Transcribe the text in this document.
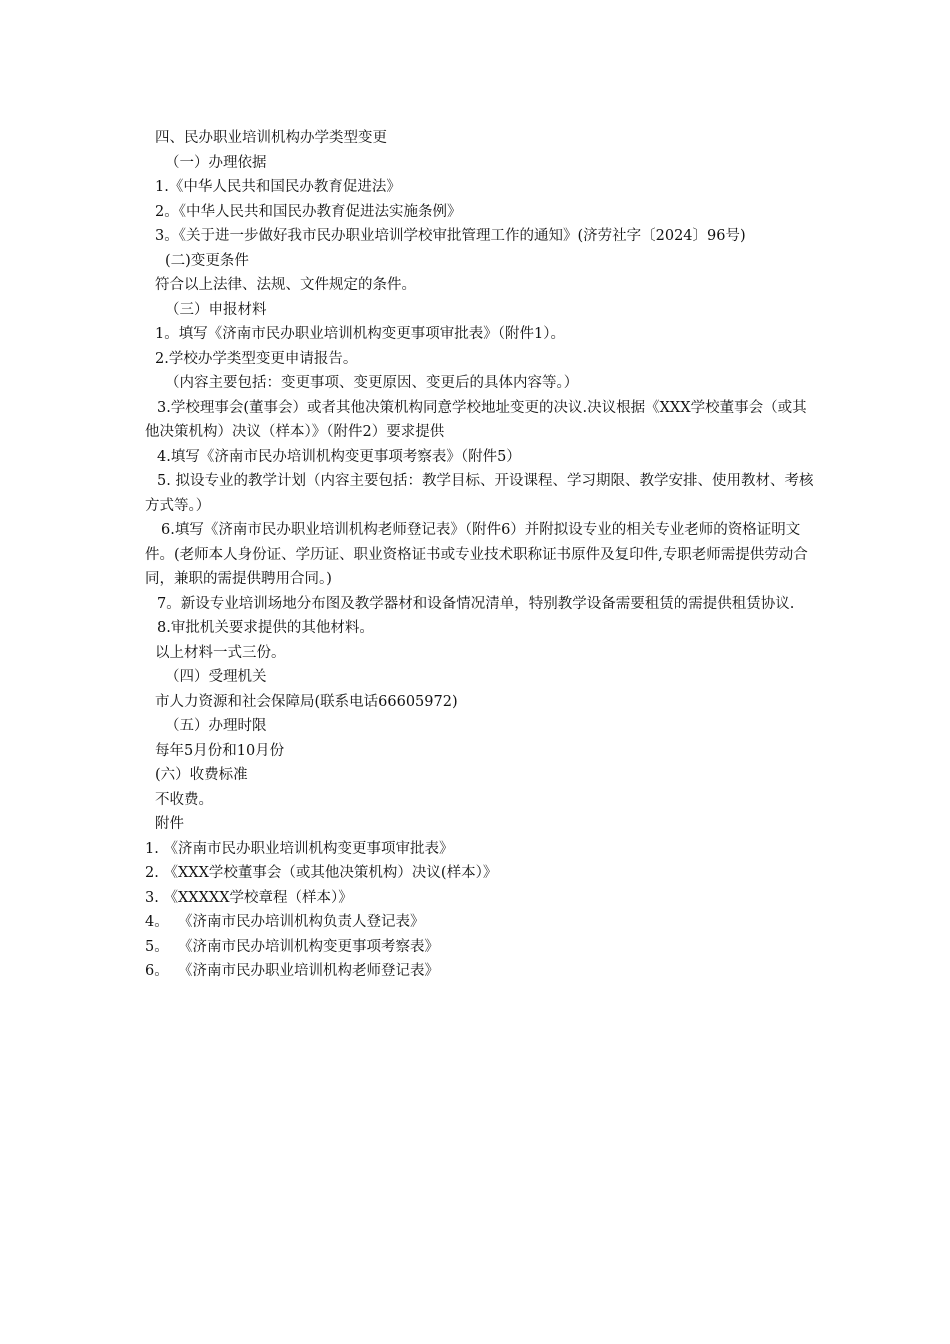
四、民办职业培训机构办学类型变更
（一）办理依据
1.《中华人民共和国民办教育促进法》
2。《中华人民共和国民办教育促进法实施条例》
3。《关于进一步做好我市民办职业培训学校审批管理工作的通知》(济劳社字〔2024〕96号)
(二)变更条件
符合以上法律、法规、文件规定的条件。
（三）申报材料
1。填写《济南市民办职业培训机构变更事项审批表》（附件1）。
2.学校办学类型变更申请报告。
（内容主要包括：变更事项、变更原因、变更后的具体内容等。）
3.学校理事会(董事会）或者其他决策机构同意学校地址变更的决议.决议根据《XXX学校董事会（或其他决策机构）决议（样本）》（附件2）要求提供
4.填写《济南市民办培训机构变更事项考察表》（附件5）
5. 拟设专业的教学计划（内容主要包括：教学目标、开设课程、学习期限、教学安排、使用教材、考核方式等。）
6.填写《济南市民办职业培训机构老师登记表》（附件6）并附拟设专业的相关专业老师的资格证明文件。(老师本人身份证、学历证、职业资格证书或专业技术职称证书原件及复印件,专职老师需提供劳动合同，兼职的需提供聘用合同。)
7。新设专业培训场地分布图及教学器材和设备情况清单，特别教学设备需要租赁的需提供租赁协议.
8.审批机关要求提供的其他材料。
以上材料一式三份。
（四）受理机关
市人力资源和社会保障局(联系电话66605972)
（五）办理时限
每年5月份和10月份
(六）收费标准
不收费。
附件
1. 《济南市民办职业培训机构变更事项审批表》
2. 《XXX学校董事会（或其他决策机构）决议(样本）》
3. 《XXXXX学校章程（样本）》
4。  《济南市民办培训机构负责人登记表》
5。  《济南市民办培训机构变更事项考察表》
6。  《济南市民办职业培训机构老师登记表》
